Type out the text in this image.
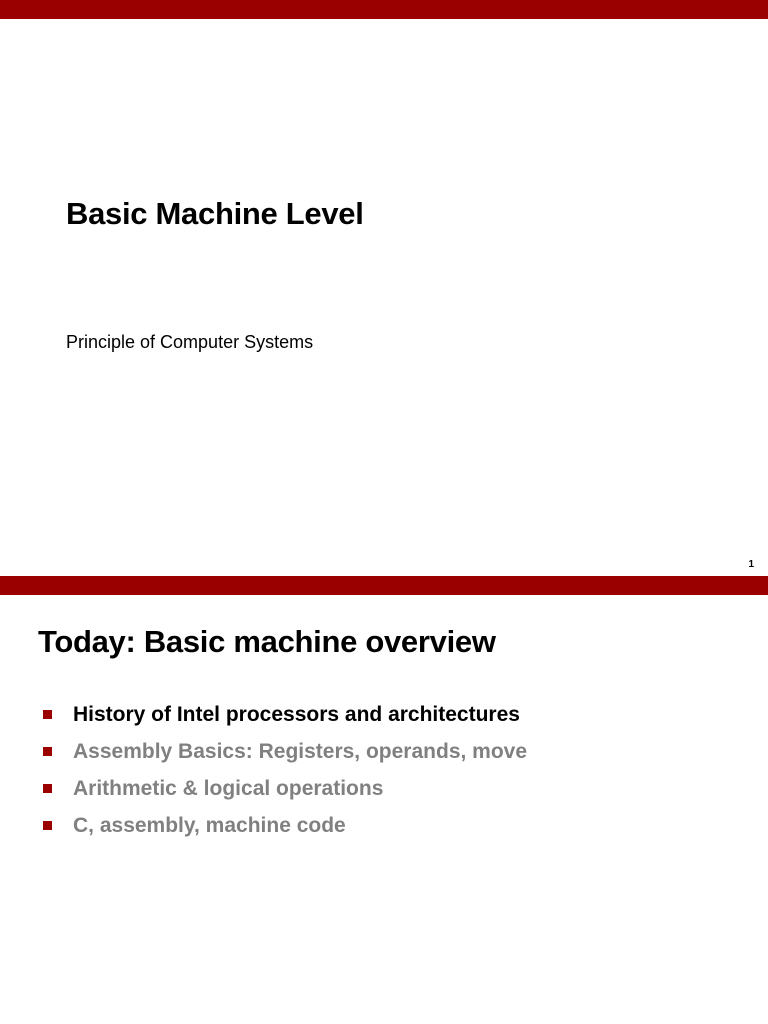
Basic Machine Level

Principle of Computer Systems

1
Today: Basic machine overview
History of Intel processors and architectures
Assembly Basics: Registers, operands, move
Arithmetic & logical operations
C, assembly, machine code
